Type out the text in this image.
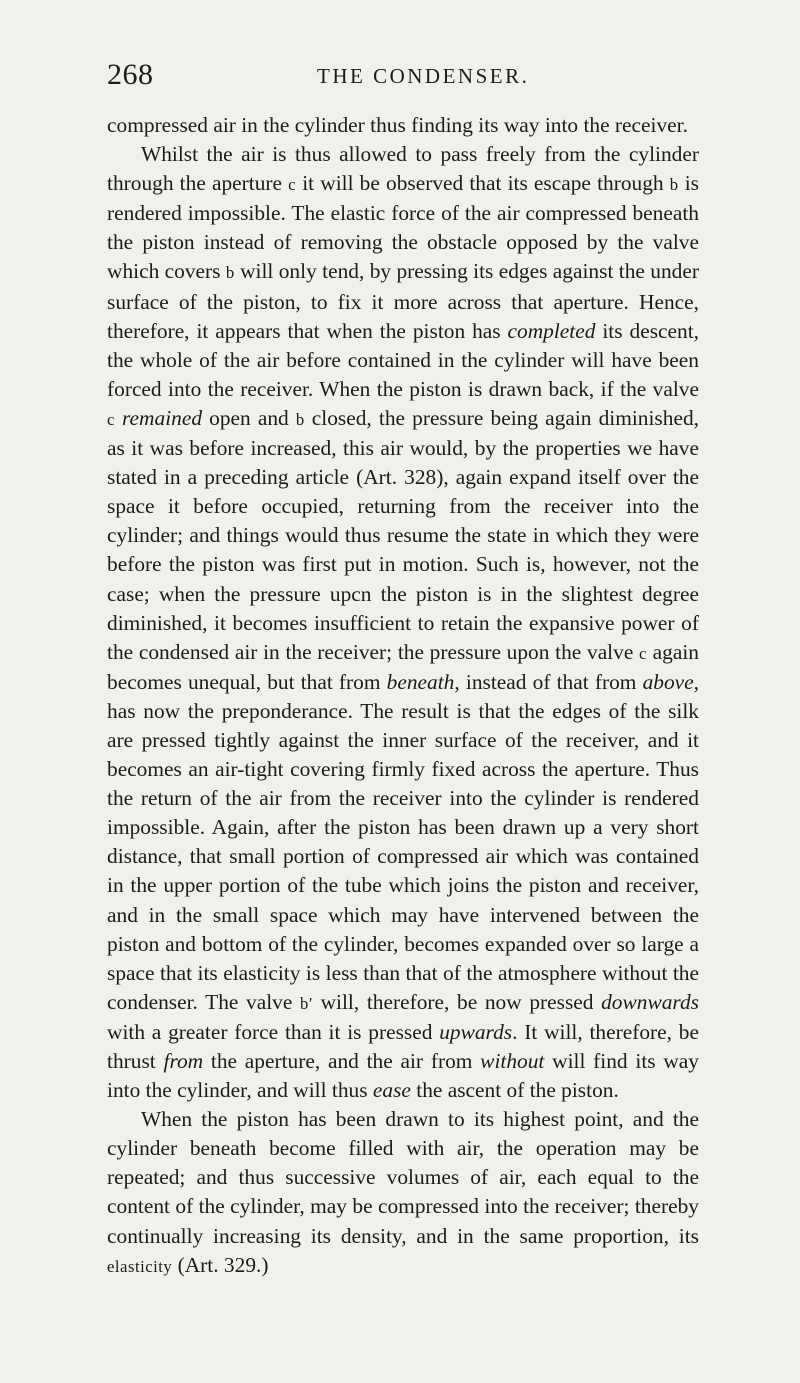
268	THE CONDENSER.

compressed air in the cylinder thus finding its way into the receiver.

Whilst the air is thus allowed to pass freely from the cylinder through the aperture c it will be observed that its escape through b is rendered impossible. The elastic force of the air compressed beneath the piston instead of removing the obstacle opposed by the valve which covers b will only tend, by pressing its edges against the under surface of the piston, to fix it more across that aperture. Hence, therefore, it appears that when the piston has completed its descent, the whole of the air before contained in the cylinder will have been forced into the receiver. When the piston is drawn back, if the valve c remained open and b closed, the pressure being again diminished, as it was before increased, this air would, by the properties we have stated in a preceding article (Art. 328), again expand itself over the space it before occupied, returning from the receiver into the cylinder; and things would thus resume the state in which they were before the piston was first put in motion. Such is, however, not the case; when the pressure upcn the piston is in the slightest degree diminished, it becomes insufficient to retain the expansive power of the condensed air in the receiver; the pressure upon the valve c again becomes unequal, but that from beneath, instead of that from above, has now the preponderance. The result is that the edges of the silk are pressed tightly against the inner surface of the receiver, and it becomes an air-tight covering firmly fixed across the aperture. Thus the return of the air from the receiver into the cylinder is rendered impossible. Again, after the piston has been drawn up a very short distance, that small portion of compressed air which was contained in the upper portion of the tube which joins the piston and receiver, and in the small space which may have intervened between the piston and bottom of the cylinder, becomes expanded over so large a space that its elasticity is less than that of the atmosphere without the condenser. The valve b′ will, therefore, be now pressed downwards with a greater force than it is pressed upwards. It will, therefore, be thrust from the aperture, and the air from without will find its way into the cylinder, and will thus ease the ascent of the piston.

When the piston has been drawn to its highest point, and the cylinder beneath become filled with air, the operation may be repeated; and thus successive volumes of air, each equal to the content of the cylinder, may be compressed into the receiver; thereby continually increasing its density, and in the same proportion, its elasticity (Art. 329.)
